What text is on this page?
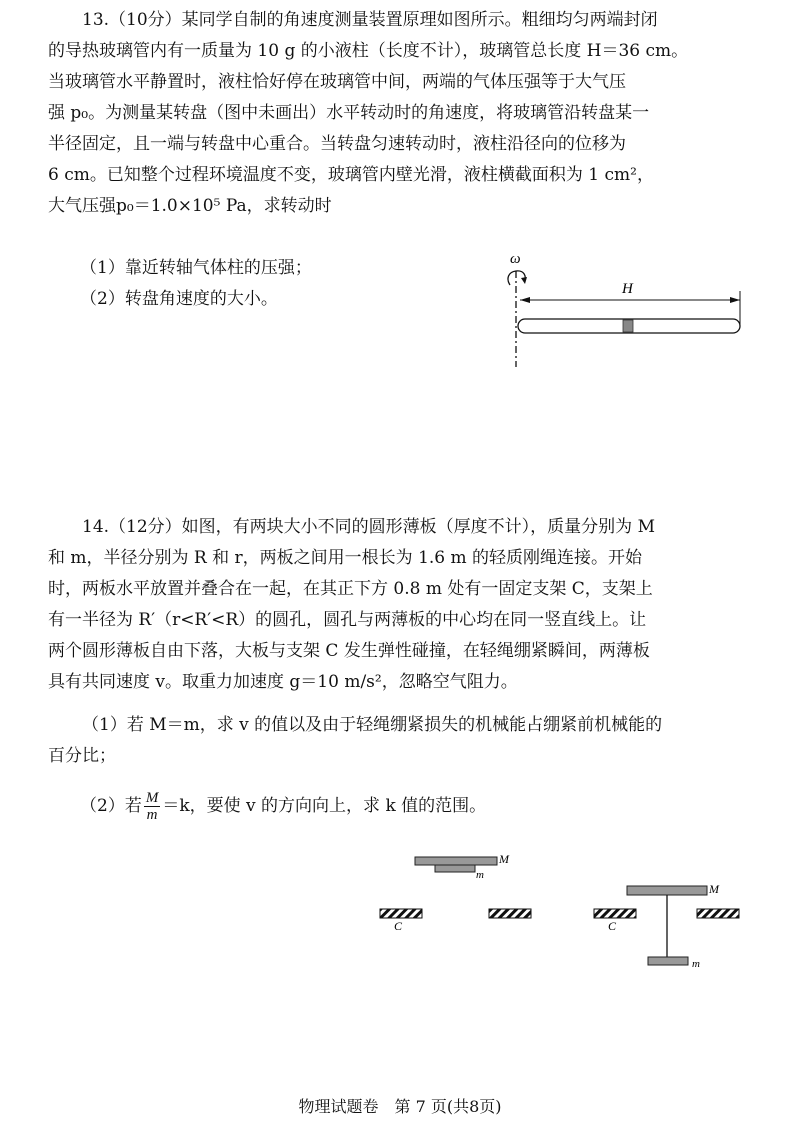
13.（10分）某同学自制的角速度测量装置原理如图所示。粗细均匀两端封闭
的导热玻璃管内有一质量为 10 g 的小液柱（长度不计），玻璃管总长度 H＝36 cm。
当玻璃管水平静置时，液柱恰好停在玻璃管中间，两端的气体压强等于大气压
强 p₀。为测量某转盘（图中未画出）水平转动时的角速度，将玻璃管沿转盘某一
半径固定，且一端与转盘中心重合。当转盘匀速转动时，液柱沿径向的位移为
6 cm。已知整个过程环境温度不变，玻璃管内壁光滑，液柱横截面积为 1 cm²，
大气压强p₀＝1.0×10⁵ Pa，求转动时
（1）靠近转轴气体柱的压强；
（2）转盘角速度的大小。
ω
H
14.（12分）如图，有两块大小不同的圆形薄板（厚度不计），质量分别为 M
和 m，半径分别为 R 和 r，两板之间用一根长为 1.6 m 的轻质刚绳连接。开始
时，两板水平放置并叠合在一起，在其正下方 0.8 m 处有一固定支架 C，支架上
有一半径为 R′（r<R′<R）的圆孔，圆孔与两薄板的中心均在同一竖直线上。让
两个圆形薄板自由下落，大板与支架 C 发生弹性碰撞，在轻绳绷紧瞬间，两薄板
具有共同速度 v。取重力加速度 g＝10 m/s²，忽略空气阻力。
（1）若 M＝m，求 v 的值以及由于轻绳绷紧损失的机械能占绷紧前机械能的
百分比；
（2）若 $\frac{M}{m} =k$，要使 v 的方向向上，求 k 值的范围。
M
m
C
M
C
m
物理试题卷　第 7 页(共8页)
